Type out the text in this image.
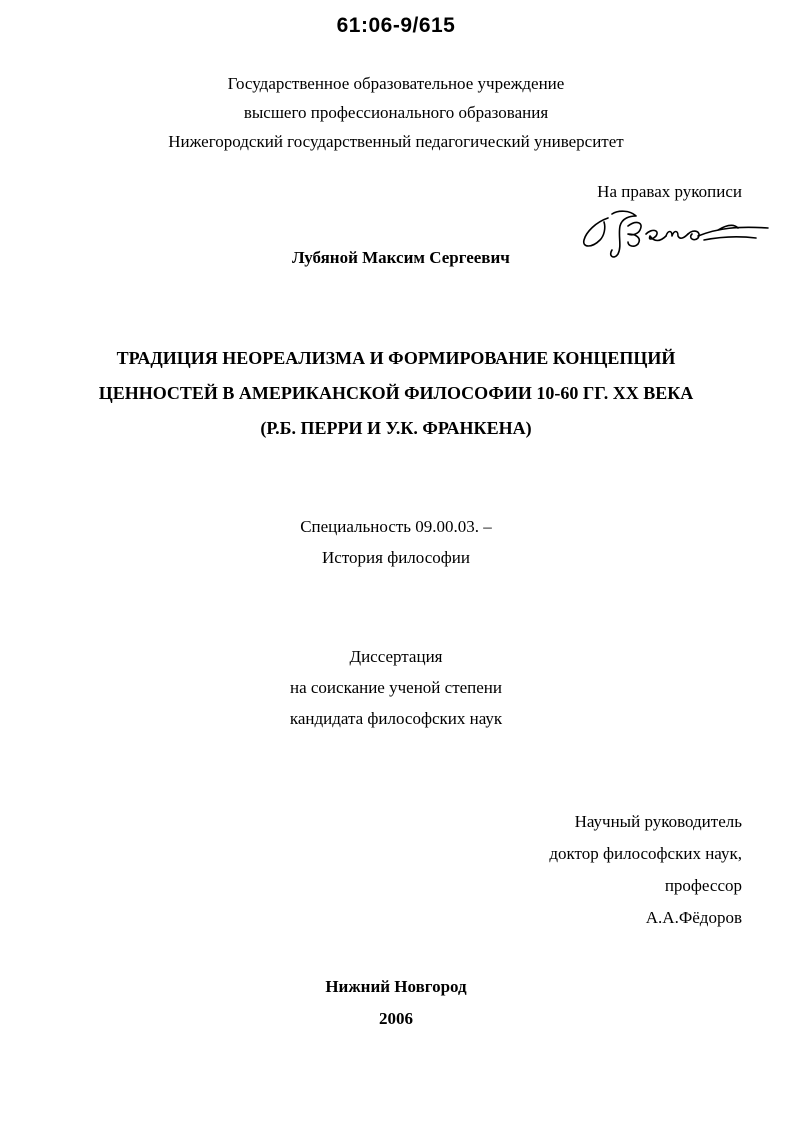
61:06-9/615
Государственное образовательное учреждение
высшего профессионального образования
Нижегородский государственный педагогический университет
На правах рукописи
Лубяной Максим Сергеевич
ТРАДИЦИЯ НЕОРЕАЛИЗМА И ФОРМИРОВАНИЕ КОНЦЕПЦИЙ
ЦЕННОСТЕЙ В АМЕРИКАНСКОЙ ФИЛОСОФИИ 10-60 ГГ. XX ВЕКА
(Р.Б. ПЕРРИ И У.К. ФРАНКЕНА)
Специальность 09.00.03. –
История философии
Диссертация
на соискание ученой степени
кандидата философских наук
Научный руководитель
доктор философских наук,
профессор
А.А.Фёдоров
Нижний Новгород
2006
